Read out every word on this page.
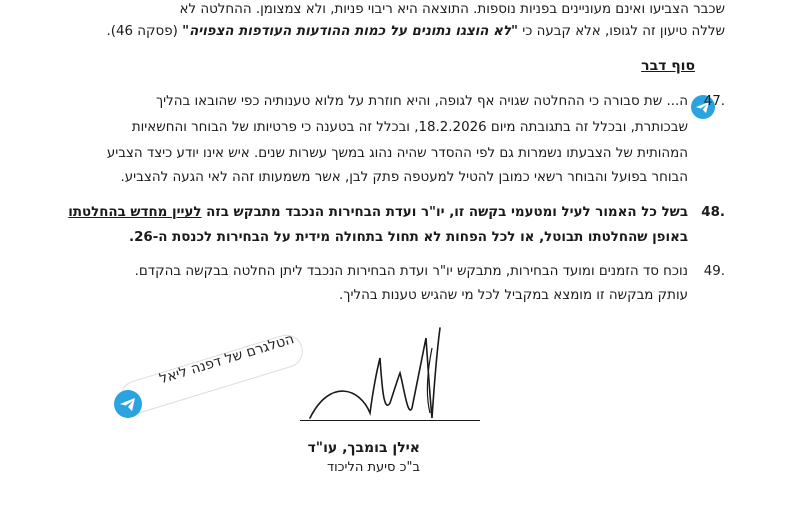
שכבר הצביעו ואינם מעוניינים בפניות נוספות. התוצאה היא ריבוי פניות, ולא צמצומן. ההחלטה לא
שללה טיעון זה לגופו, אלא קבעה כי "לא הוצגו נתונים על כמות ההודעות העודפות הצפויה" (פסקה 46).
סוף דבר
47.
ה... שת סבורה כי ההחלטה שגויה אף לגופה, והיא חוזרת על מלוא טענותיה כפי שהובאו בהליך
שבכותרת, ובכלל זה בתגובתה מיום 18.2.2026, ובכלל זה בטענה כי פרטיותו של הבוחר והחשאיות
המהותית של הצבעתו נשמרות גם לפי ההסדר שהיה נהוג במשך עשרות שנים. איש אינו יודע כיצד הצביע
הבוחר בפועל והבוחר רשאי כמובן להטיל למעטפה פתק לבן, אשר משמעותו זהה לאי הגעה להצביע.
48.
בשל כל האמור לעיל ומטעמי בקשה זו, יו"ר ועדת הבחירות הנכבד מתבקש בזה לעיין מחדש בהחלטתו
באופן שהחלטתו תבוטל, או לכל הפחות לא תחול בתחולה מידית על הבחירות לכנסת ה-26.
49.
נוכח סד הזמנים ומועד הבחירות, מתבקש יו"ר ועדת הבחירות הנכבד ליתן החלטה בבקשה בהקדם.
עותק מבקשה זו מומצא במקביל לכל מי שהגיש טענות בהליך.
הטלגרם של דפנה ליאל
אילן בומבך, עו"ד
ב"כ סיעת הליכוד
